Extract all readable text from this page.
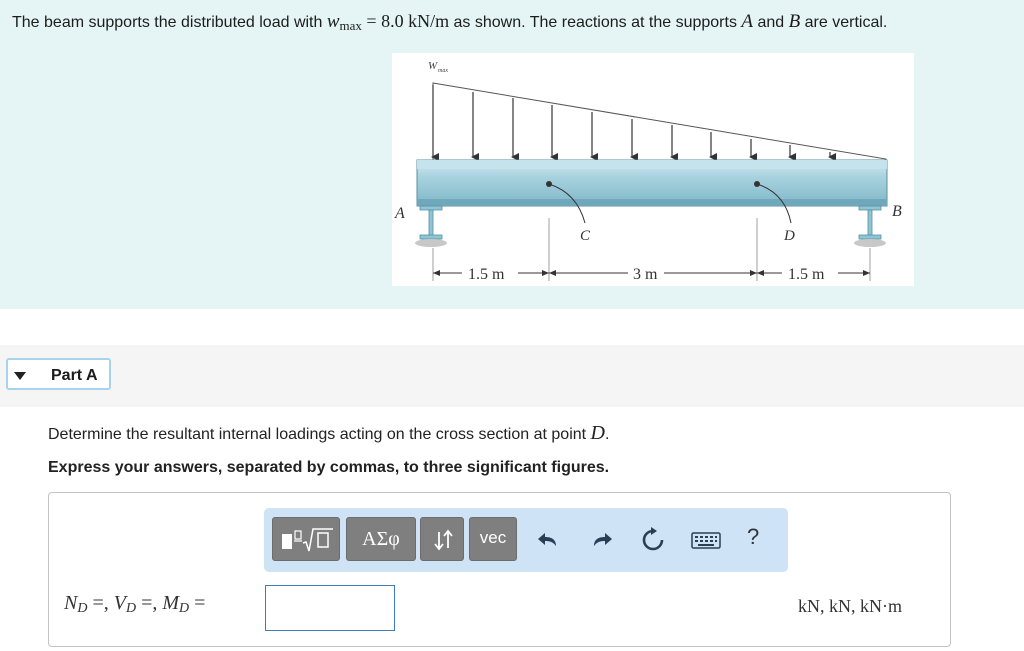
The beam supports the distributed load with wmax = 8.0 kN/m as shown. The reactions at the supports A and B are vertical.
W max
A	B
C	D
1.5 m	3 m	1.5 m
Part A
Determine the resultant internal loadings acting on the cross section at point D.
Express your answers, separated by commas, to three significant figures.
ΑΣφ	vec	?
ND =, VD =, MD =	kN, kN, kN·m
